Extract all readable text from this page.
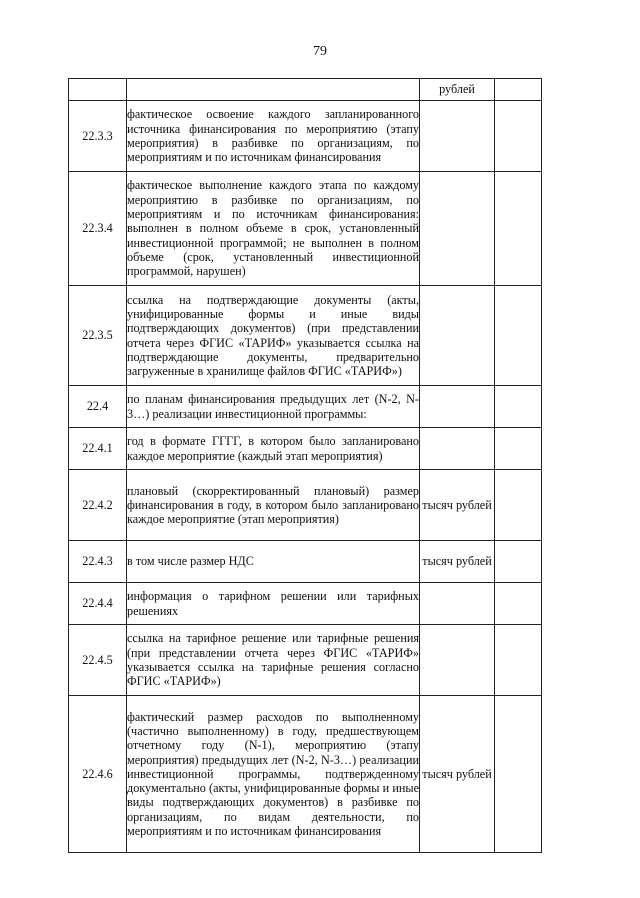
79
		рублей	
22.3.3	фактическое освоение каждого запланированного источника финансирования по мероприятию (этапу мероприятия) в разбивке по организациям, по мероприятиям и по источникам финансирования		
22.3.4	фактическое выполнение каждого этапа по каждому мероприятию в разбивке по организациям, по мероприятиям и по источникам финансирования: выполнен в полном объеме в срок, установленный инвестиционной программой; не выполнен в полном объеме (срок, установленный инвестиционной программой, нарушен)		
22.3.5	ссылка на подтверждающие документы (акты, унифицированные формы и иные виды подтверждающих документов) (при представлении отчета через ФГИС «ТАРИФ» указывается ссылка на подтверждающие документы, предварительно загруженные в хранилище файлов ФГИС «ТАРИФ»)		
22.4	по планам финансирования предыдущих лет (N-2, N-3…) реализации инвестиционной программы:		
22.4.1	год в формате ГГГГ, в котором было запланировано каждое мероприятие (каждый этап мероприятия)		
22.4.2	плановый (скорректированный плановый) размер финансирования в году, в котором было запланировано каждое мероприятие (этап мероприятия)	тысяч рублей	
22.4.3	в том числе размер НДС	тысяч рублей	
22.4.4	информация о тарифном решении или тарифных решениях		
22.4.5	ссылка на тарифное решение или тарифные решения (при представлении отчета через ФГИС «ТАРИФ» указывается ссылка на тарифные решения согласно ФГИС «ТАРИФ»)		
22.4.6	фактический размер расходов по выполненному (частично выполненному) в году, предшествующем отчетному году (N-1), мероприятию (этапу мероприятия) предыдущих лет (N-2, N-3…) реализации инвестиционной программы, подтвержденному документально (акты, унифицированные формы и иные виды подтверждающих документов) в разбивке по организациям, по видам деятельности, по мероприятиям и по источникам финансирования	тысяч рублей	
